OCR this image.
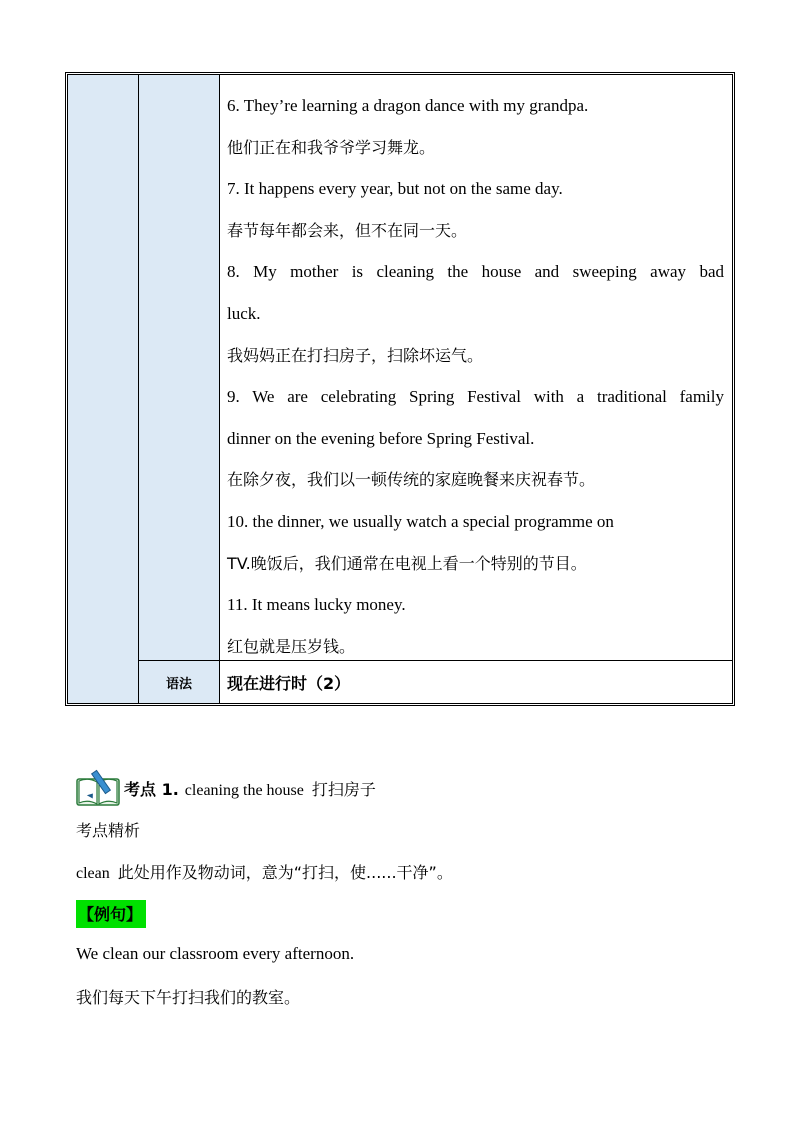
语法
6. They’re learning a dragon dance with my grandpa.
他们正在和我爷爷学习舞龙。
7. It happens every year, but not on the same day.
春节每年都会来，但不在同一天。
8. My mother is cleaning the house and sweeping away bad
luck.
我妈妈正在打扫房子，扫除坏运气。
9. We are celebrating Spring Festival with a traditional family
dinner on the evening before Spring Festival.
在除夕夜，我们以一顿传统的家庭晚餐来庆祝春节。
10. the dinner, we usually watch a special programme on
TV.晚饭后，我们通常在电视上看一个特别的节目。
11. It means lucky money.
红包就是压岁钱。
现在进行时（2）
考点 1. cleaning the house 打扫房子
考点精析
clean 此处用作及物动词，意为“打扫，使......干净”。
【例句】
We clean our classroom every afternoon.
我们每天下午打扫我们的教室。
